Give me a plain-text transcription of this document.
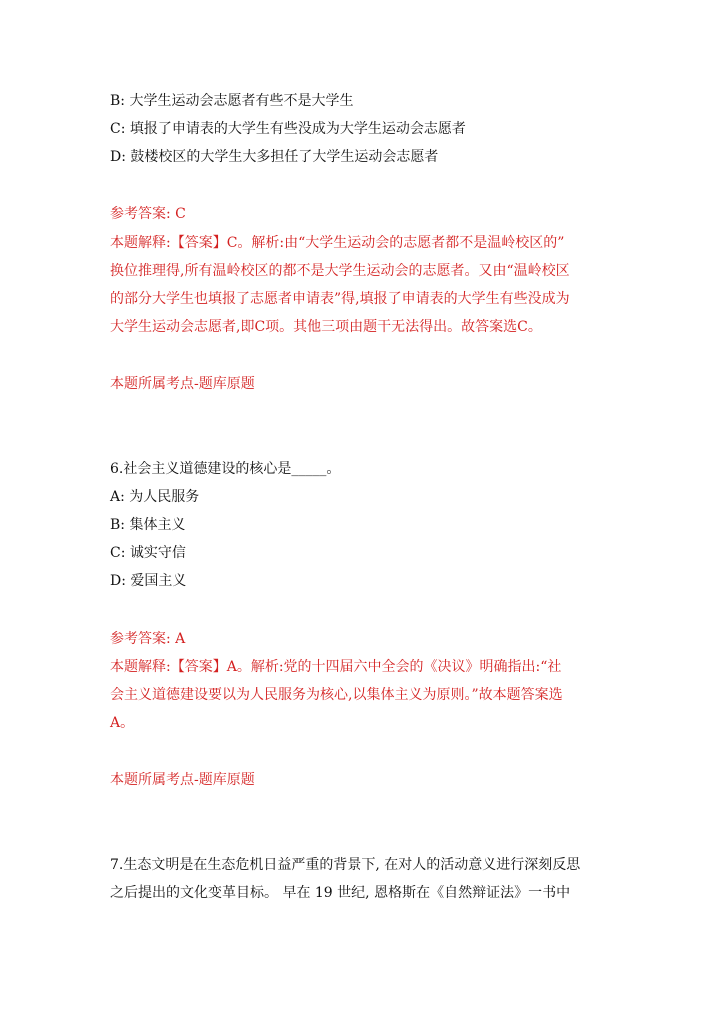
B: 大学生运动会志愿者有些不是大学生
C: 填报了申请表的大学生有些没成为大学生运动会志愿者
D: 鼓楼校区的大学生大多担任了大学生运动会志愿者
参考答案: C
本题解释:【答案】C。解析:由“大学生运动会的志愿者都不是温岭校区的”
换位推理得,所有温岭校区的都不是大学生运动会的志愿者。又由“温岭校区
的部分大学生也填报了志愿者申请表”得,填报了申请表的大学生有些没成为
大学生运动会志愿者,即C项。其他三项由题干无法得出。故答案选C。
本题所属考点-题库原题
6.社会主义道德建设的核心是_____。
A: 为人民服务
B: 集体主义
C: 诚实守信
D: 爱国主义
参考答案: A
本题解释:【答案】A。解析:党的十四届六中全会的《决议》明确指出:“社
会主义道德建设要以为人民服务为核心,以集体主义为原则。”故本题答案选
A。
本题所属考点-题库原题
7.生态文明是在生态危机日益严重的背景下, 在对人的活动意义进行深刻反思
之后提出的文化变革目标。 早在 19 世纪, 恩格斯在《自然辩证法》一书中
